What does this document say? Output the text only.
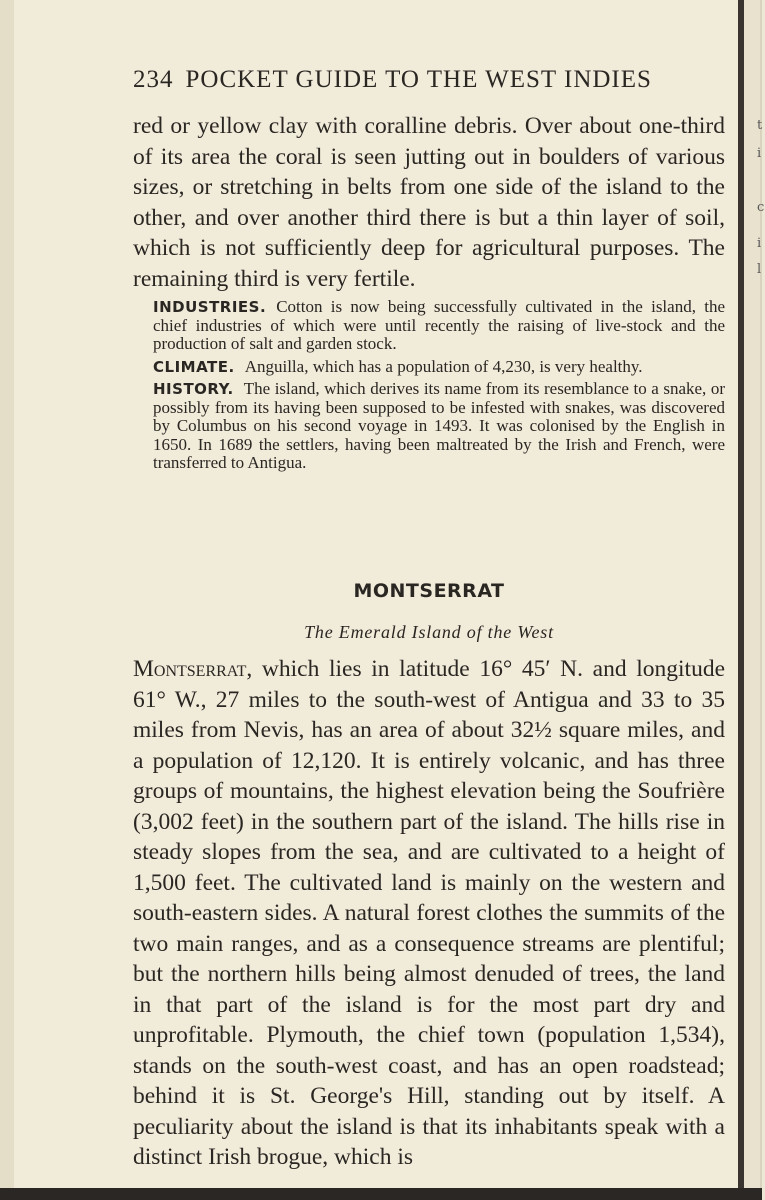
t
i
c
i
l
234 POCKET GUIDE TO THE WEST INDIES
red or yellow clay with coralline debris. Over about one-third of its area the coral is seen jutting out in boulders of various sizes, or stretching in belts from one side of the island to the other, and over another third there is but a thin layer of soil, which is not sufficiently deep for agricultural purposes. The remaining third is very fertile.

INDUSTRIES. Cotton is now being successfully cultivated in the island, the chief industries of which were until recently the raising of live-stock and the production of salt and garden stock.

CLIMATE. Anguilla, which has a population of 4,230, is very healthy.

HISTORY. The island, which derives its name from its resemblance to a snake, or possibly from its having been supposed to be infested with snakes, was discovered by Columbus on his second voyage in 1493. It was colonised by the English in 1650. In 1689 the settlers, having been maltreated by the Irish and French, were transferred to Antigua.

MONTSERRAT
The Emerald Island of the West
Montserrat, which lies in latitude 16° 45′ N. and longitude 61° W., 27 miles to the south-west of Antigua and 33 to 35 miles from Nevis, has an area of about 32½ square miles, and a population of 12,120. It is entirely volcanic, and has three groups of mountains, the highest elevation being the Soufrière (3,002 feet) in the southern part of the island. The hills rise in steady slopes from the sea, and are cultivated to a height of 1,500 feet. The cultivated land is mainly on the western and south-eastern sides. A natural forest clothes the summits of the two main ranges, and as a consequence streams are plentiful; but the northern hills being almost denuded of trees, the land in that part of the island is for the most part dry and unprofitable. Plymouth, the chief town (population 1,534), stands on the south-west coast, and has an open roadstead; behind it is St. George's Hill, standing out by itself. A peculiarity about the island is that its inhabitants speak with a distinct Irish brogue, which is
